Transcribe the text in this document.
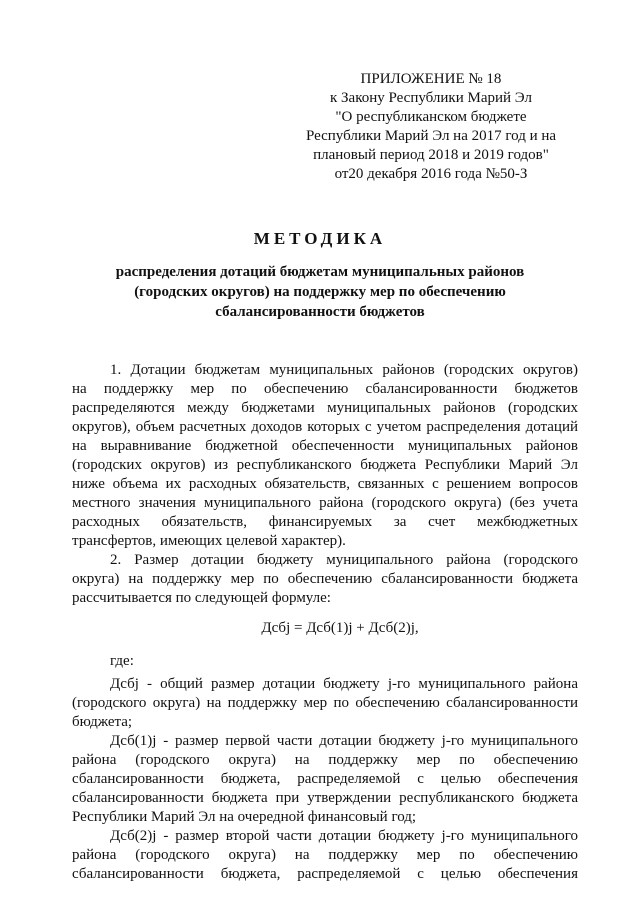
ПРИЛОЖЕНИЕ № 18
к Закону Республики Марий Эл
"О республиканском бюджете
Республики Марий Эл на 2017 год и на
плановый период 2018 и 2019 годов"
от20 декабря 2016 года №50-З
МЕТОДИКА
распределения дотаций бюджетам муниципальных районов
(городских округов) на поддержку мер по обеспечению
сбалансированности бюджетов
1. Дотации бюджетам муниципальных районов (городских округов)
на поддержку мер по обеспечению сбалансированности бюджетов
распределяются между бюджетами муниципальных районов (городских
округов), объем расчетных доходов которых с учетом распределения дотаций
на выравнивание бюджетной обеспеченности муниципальных районов
(городских округов) из республиканского бюджета Республики Марий Эл
ниже объема их расходных обязательств, связанных с решением вопросов
местного значения муниципального района (городского округа) (без учета
расходных обязательств, финансируемых за счет межбюджетных
трансфертов, имеющих целевой характер).
2. Размер дотации бюджету муниципального района (городского
округа) на поддержку мер по обеспечению сбалансированности бюджета
рассчитывается по следующей формуле:
Дсбj = Дсб(1)j + Дсб(2)j,
где:
Дсбj - общий размер дотации бюджету j-го муниципального района
(городского округа) на поддержку мер по обеспечению сбалансированности
бюджета;
Дсб(1)j - размер первой части дотации бюджету j-го муниципального
района (городского округа) на поддержку мер по обеспечению
сбалансированности бюджета, распределяемой с целью обеспечения
сбалансированности бюджета при утверждении республиканского бюджета
Республики Марий Эл на очередной финансовый год;
Дсб(2)j - размер второй части дотации бюджету j-го муниципального
района (городского округа) на поддержку мер по обеспечению
сбалансированности бюджета, распределяемой с целью обеспечения
